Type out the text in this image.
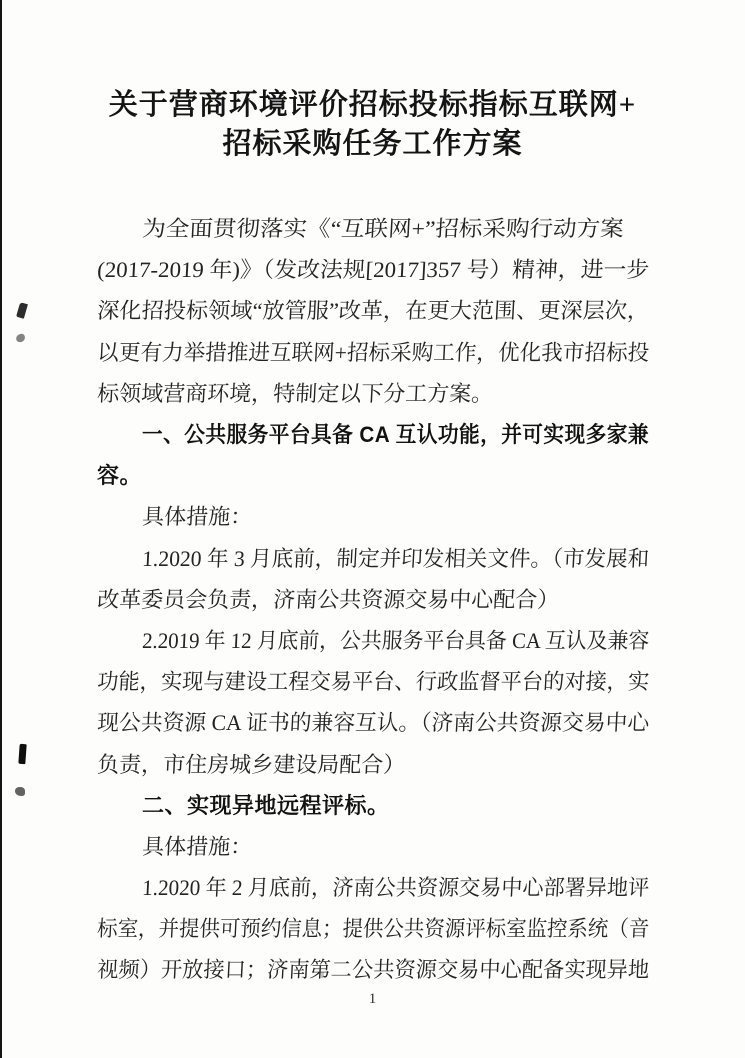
关于营商环境评价招标投标指标互联网+
招标采购任务工作方案
为全面贯彻落实《“互联网+”招标采购行动方案
(2017-2019 年)》（发改法规[2017]357 号）精神，进一步
深化招投标领域“放管服”改革，在更大范围、更深层次，
以更有力举措推进互联网+招标采购工作，优化我市招标投
标领域营商环境，特制定以下分工方案。
一、公共服务平台具备 CA 互认功能，并可实现多家兼
容。
具体措施：
1.2020 年 3 月底前，制定并印发相关文件。（市发展和
改革委员会负责，济南公共资源交易中心配合）
2.2019 年 12 月底前，公共服务平台具备 CA 互认及兼容
功能，实现与建设工程交易平台、行政监督平台的对接，实
现公共资源 CA 证书的兼容互认。（济南公共资源交易中心
负责，市住房城乡建设局配合）
二、实现异地远程评标。
具体措施：
1.2020 年 2 月底前，济南公共资源交易中心部署异地评
标室，并提供可预约信息；提供公共资源评标室监控系统（音
视频）开放接口；济南第二公共资源交易中心配备实现异地
1
